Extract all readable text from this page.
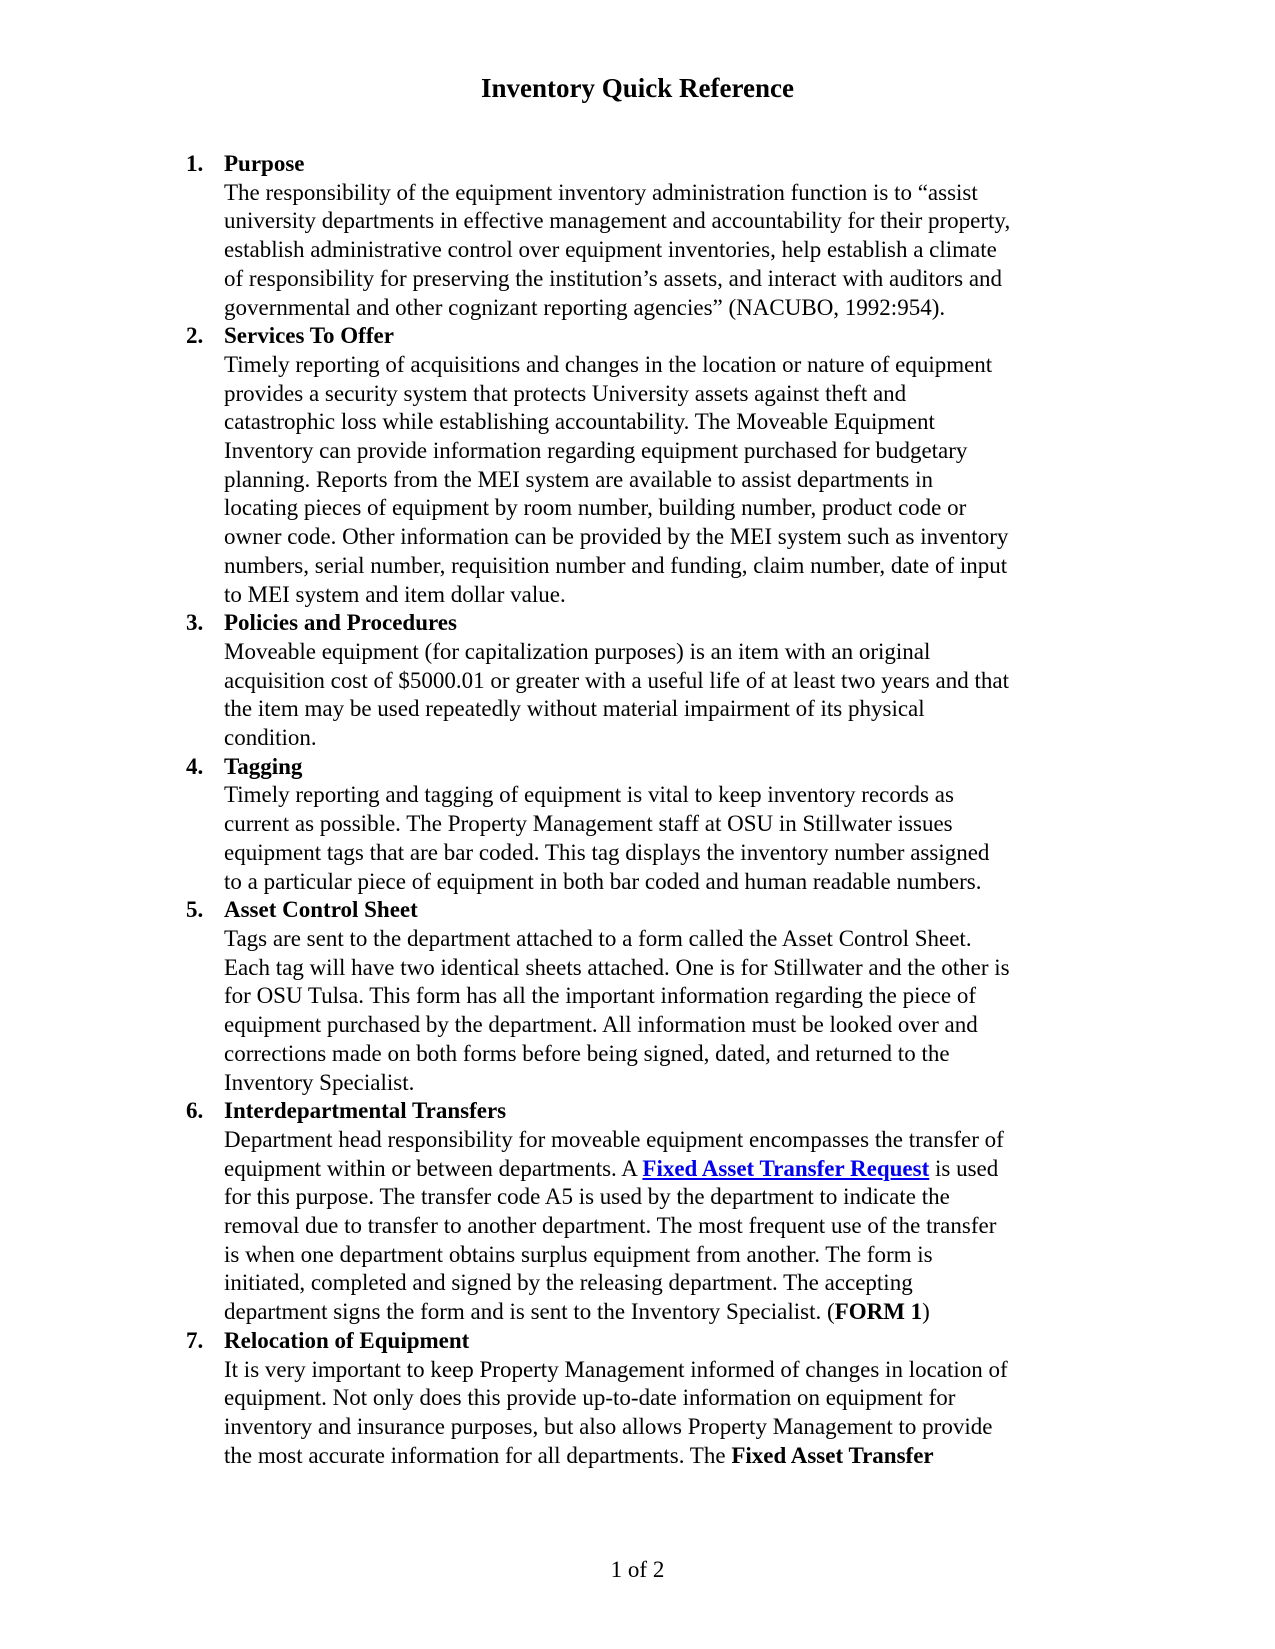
Inventory Quick Reference
1. Purpose
The responsibility of the equipment inventory administration function is to “assist
university departments in effective management and accountability for their property,
establish administrative control over equipment inventories, help establish a climate
of responsibility for preserving the institution’s assets, and interact with auditors and
governmental and other cognizant reporting agencies” (NACUBO, 1992:954).
2. Services To Offer
Timely reporting of acquisitions and changes in the location or nature of equipment
provides a security system that protects University assets against theft and
catastrophic loss while establishing accountability. The Moveable Equipment
Inventory can provide information regarding equipment purchased for budgetary
planning. Reports from the MEI system are available to assist departments in
locating pieces of equipment by room number, building number, product code or
owner code. Other information can be provided by the MEI system such as inventory
numbers, serial number, requisition number and funding, claim number, date of input
to MEI system and item dollar value.
3. Policies and Procedures
Moveable equipment (for capitalization purposes) is an item with an original
acquisition cost of $5000.01 or greater with a useful life of at least two years and that
the item may be used repeatedly without material impairment of its physical
condition.
4. Tagging
Timely reporting and tagging of equipment is vital to keep inventory records as
current as possible. The Property Management staff at OSU in Stillwater issues
equipment tags that are bar coded. This tag displays the inventory number assigned
to a particular piece of equipment in both bar coded and human readable numbers.
5. Asset Control Sheet
Tags are sent to the department attached to a form called the Asset Control Sheet.
Each tag will have two identical sheets attached. One is for Stillwater and the other is
for OSU Tulsa. This form has all the important information regarding the piece of
equipment purchased by the department. All information must be looked over and
corrections made on both forms before being signed, dated, and returned to the
Inventory Specialist.
6. Interdepartmental Transfers
Department head responsibility for moveable equipment encompasses the transfer of
equipment within or between departments. A Fixed Asset Transfer Request is used
for this purpose. The transfer code A5 is used by the department to indicate the
removal due to transfer to another department. The most frequent use of the transfer
is when one department obtains surplus equipment from another. The form is
initiated, completed and signed by the releasing department. The accepting
department signs the form and is sent to the Inventory Specialist. (FORM 1)
7. Relocation of Equipment
It is very important to keep Property Management informed of changes in location of
equipment. Not only does this provide up-to-date information on equipment for
inventory and insurance purposes, but also allows Property Management to provide
the most accurate information for all departments. The Fixed Asset Transfer
1 of 2
